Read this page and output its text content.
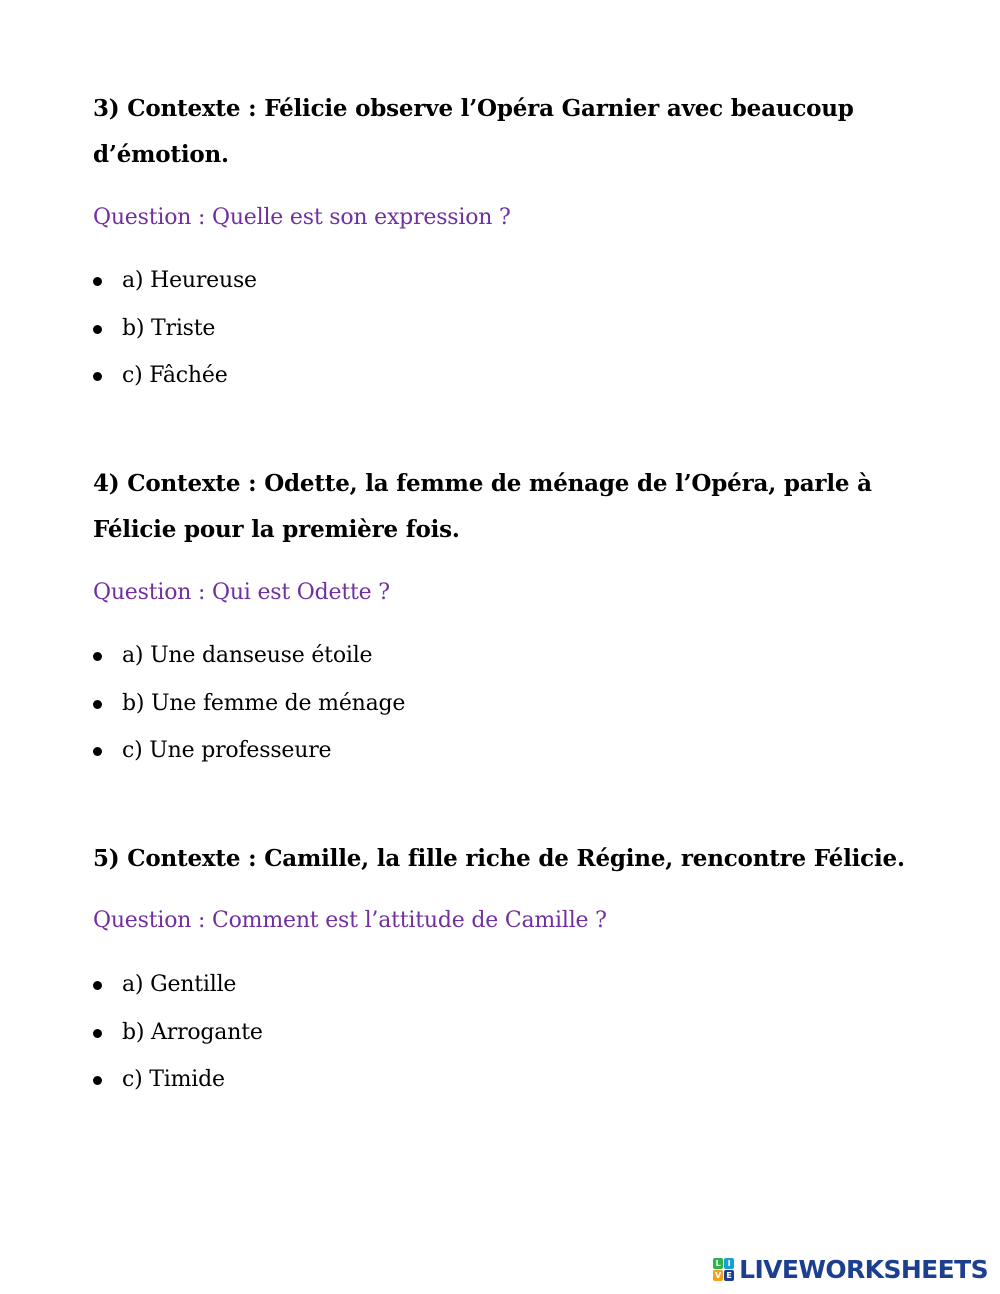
3) Contexte : Félicie observe l’Opéra Garnier avec beaucoup d’émotion.

Question : Quelle est son expression ?

a) Heureuse
b) Triste
c) Fâchée

4) Contexte : Odette, la femme de ménage de l’Opéra, parle à Félicie pour la première fois.

Question : Qui est Odette ?

a) Une danseuse étoile
b) Une femme de ménage
c) Une professeure

5) Contexte : Camille, la fille riche de Régine, rencontre Félicie.

Question : Comment est l’attitude de Camille ?

a) Gentille
b) Arrogante
c) Timide
L I
V E LIVEWORKSHEETS
